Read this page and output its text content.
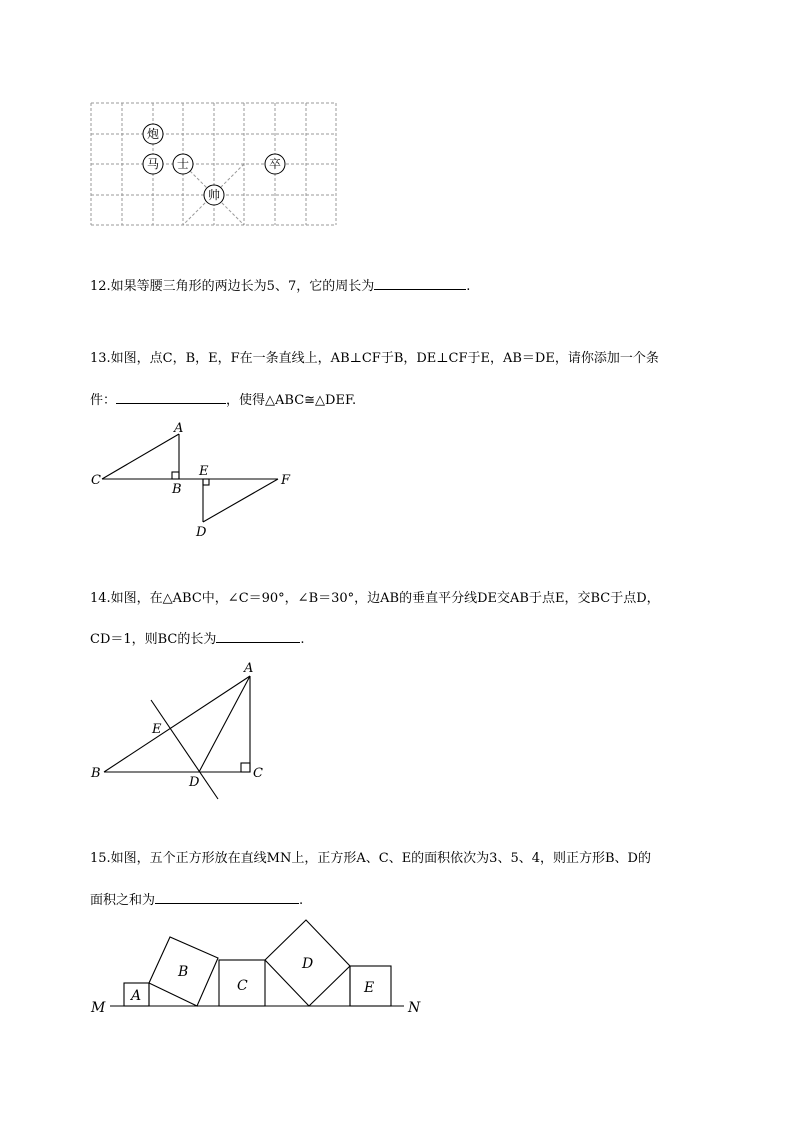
炮
马 士
帅
卒
12.如果等腰三角形的两边长为5、7，它的周长为	.
13.如图，点C，B，E，F在一条直线上，AB⊥CF于B，DE⊥CF于E，AB＝DE，请你添加一个条
件：	，使得△ABC≅△DEF.
A
C
B
E
F
D
14.如图，在△ABC中，∠C＝90°，∠B＝30°，边AB的垂直平分线DE交AB于点E，交BC于点D，
CD＝1，则BC的长为	.
A
E
B
D
C
15.如图，五个正方形放在直线MN上，正方形A、C、E的面积依次为3、5、4，则正方形B、D的
面积之和为	.
M	N
A
B
C
D
E
